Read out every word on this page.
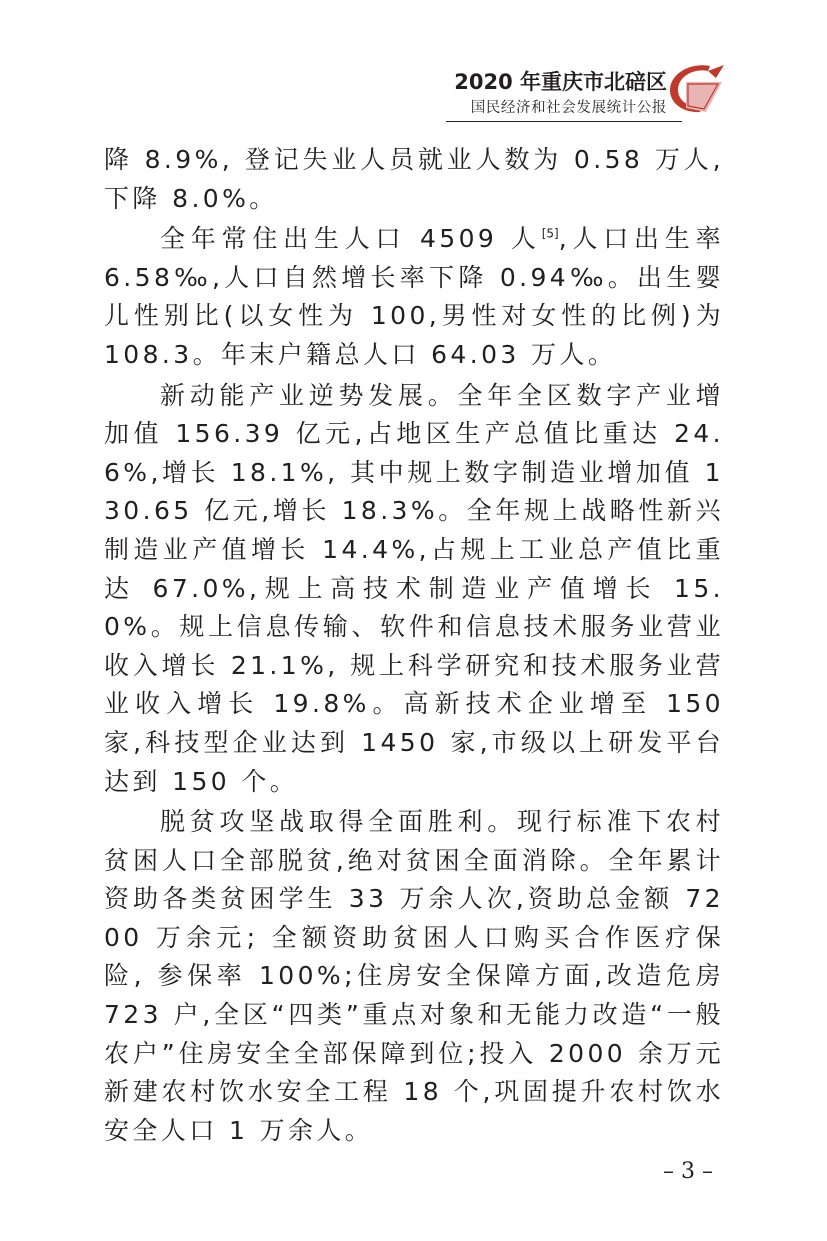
2020 年重庆市北碚区
国民经济和社会发展统计公报

降 8.9%, 登记失业人员就业人数为 0.58 万人,下降 8.0%。

全年常住出生人口 4509 人[5],人口出生率 6.58‰,人口自然增长率下降 0.94‰。出生婴儿性别比(以女性为 100,男性对女性的比例)为 108.3。年末户籍总人口 64.03 万人。

新动能产业逆势发展。全年全区数字产业增加值 156.39 亿元,占地区生产总值比重达 24.6%,增长 18.1%, 其中规上数字制造业增加值 130.65 亿元,增长 18.3%。全年规上战略性新兴制造业产值增长 14.4%,占规上工业总产值比重达 67.0%,规上高技术制造业产值增长 15.0%。规上信息传输、软件和信息技术服务业营业收入增长 21.1%, 规上科学研究和技术服务业营业收入增长 19.8%。高新技术企业增至 150 家,科技型企业达到 1450 家,市级以上研发平台达到 150 个。

脱贫攻坚战取得全面胜利。现行标准下农村贫困人口全部脱贫,绝对贫困全面消除。全年累计资助各类贫困学生 33 万余人次,资助总金额 7200 万余元; 全额资助贫困人口购买合作医疗保险, 参保率 100%;住房安全保障方面,改造危房 723 户,全区“四类”重点对象和无能力改造“一般农户”住房安全全部保障到位;投入 2000 余万元新建农村饮水安全工程 18 个,巩固提升农村饮水安全人口 1 万余人。

– 3 –
